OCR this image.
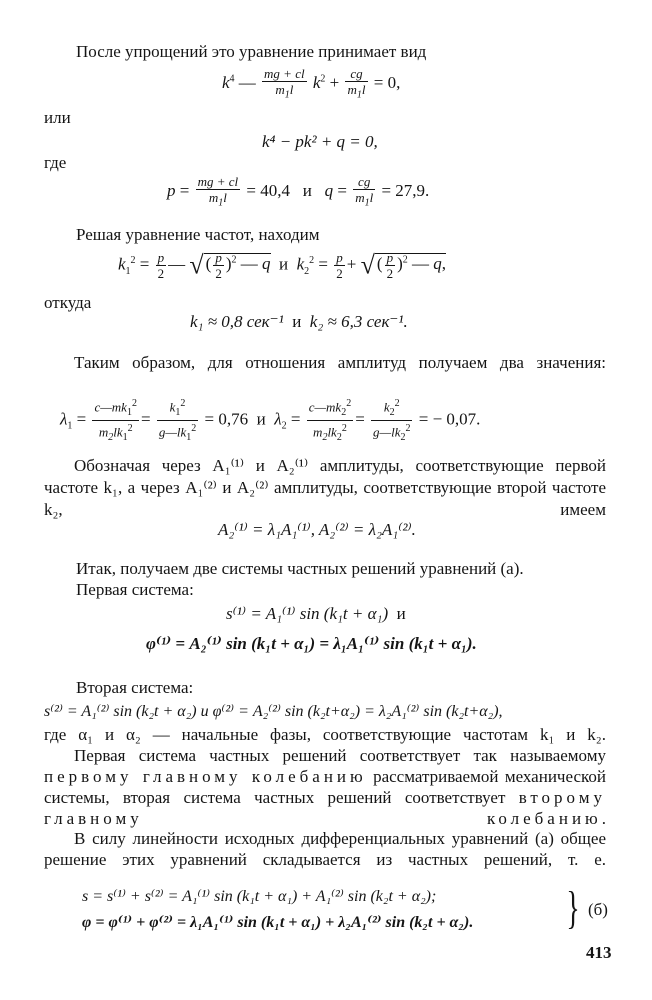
После упрощений это уравнение принимает вид

$k^4$ — $\frac{mg + cl}{m_1l} k^2 + \frac{cg}{m_1l} = 0$,

или

k⁴ − pk² + q = 0,

где

$p = \frac{mg + cl}{m_1l} = 40,4$ и   $q = \frac{cg}{m_1l} = 27,9$.

Решая уравнение частот, находим

$k_1^2 = \frac{p}{2}$ — √ ( $\frac{p}{2} )^2$ — q и  $k_2^2 = \frac{p}{2}$ + √ ( $\frac{p}{2} )^2$ — q,

откуда

k₁ ≈ 0,8 сек⁻¹ и k₂ ≈ 6,3 сек⁻¹.

Таким образом, для отношения амплитуд получаем два значения:

$\lambda_1 = \frac{c—mk_1^2}{m_2lk_1^2} = \frac{k_1^2}{g—lk_1^2} = 0,76$ и  $\lambda_2 = \frac{c—mk_2^2}{m_2lk_2^2} = \frac{k_2^2}{g—lk_2^2}$ = − 0,07.

Обозначая через A₁⁽¹⁾ и A₂⁽¹⁾ амплитуды, соответствующие первой частоте k₁, а через A₁⁽²⁾ и A₂⁽²⁾ амплитуды, соответствующие второй частоте k₂, имеем

A₂⁽¹⁾ = λ₁A₁⁽¹⁾, A₂⁽²⁾ = λ₂A₁⁽²⁾.

Итак, получаем две системы частных решений уравнений (а).

Первая система:

s⁽¹⁾ = A₁⁽¹⁾ sin (k₁t + α₁) и
φ⁽¹⁾ = A₂⁽¹⁾ sin (k₁t + α₁) = λ₁A₁⁽¹⁾ sin (k₁t + α₁).

Вторая система:

s⁽²⁾ = A₁⁽²⁾ sin (k₂t + α₂) и φ⁽²⁾ = A₂⁽²⁾ sin (k₂t+α₂) = λ₂A₁⁽²⁾ sin (k₂t+α₂),

где α₁ и α₂ — начальные фазы, соответствующие частотам k₁ и k₂.

Первая система частных решений соответствует так называемому первому главному колебанию рассматриваемой механической системы, вторая система частных решений соответствует второму главному колебанию.

В силу линейности исходных дифференциальных уравнений (а) общее решение этих уравнений складывается из частных решений, т. е.

s = s⁽¹⁾ + s⁽²⁾ = A₁⁽¹⁾ sin (k₁t + α₁) + A₁⁽²⁾ sin (k₂t + α₂);
φ = φ⁽¹⁾ + φ⁽²⁾ = λ₁A₁⁽¹⁾ sin (k₁t + α₁) + λ₂A₁⁽²⁾ sin (k₂t + α₂). } (б)
413
